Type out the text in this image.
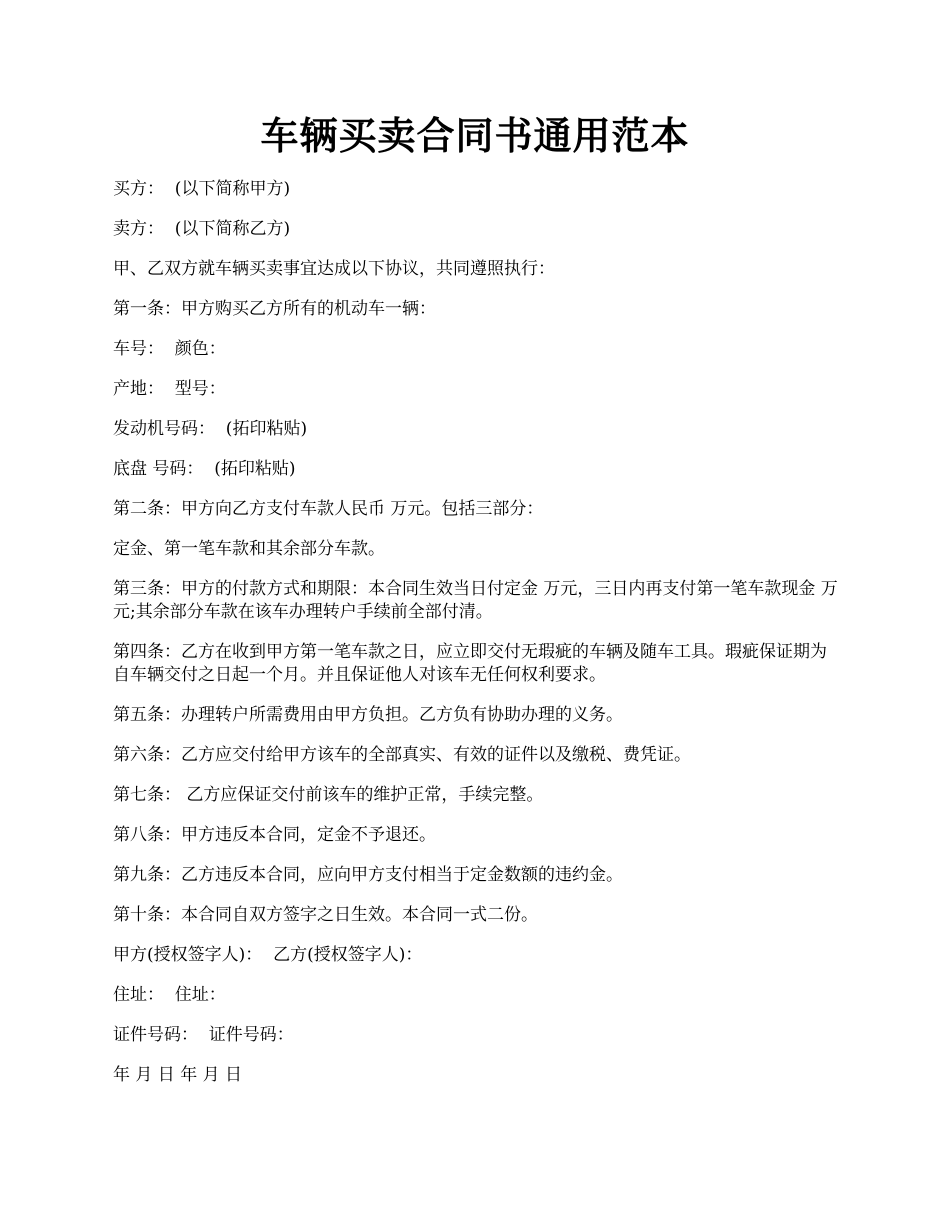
车辆买卖合同书通用范本

买方：  (以下简称甲方)

卖方：  (以下简称乙方)

甲、乙双方就车辆买卖事宜达成以下协议，共同遵照执行：

第一条：甲方购买乙方所有的机动车一辆：

车号：  颜色：

产地：  型号：

发动机号码：  (拓印粘贴)

底盘 号码：  (拓印粘贴)

第二条：甲方向乙方支付车款人民币 万元。包括三部分：

定金、第一笔车款和其余部分车款。

第三条：甲方的付款方式和期限：本合同生效当日付定金 万元，三日内再支付第一笔车款现金 万元;其余部分车款在该车办理转户手续前全部付清。

第四条：乙方在收到甲方第一笔车款之日，应立即交付无瑕疵的车辆及随车工具。瑕疵保证期为自车辆交付之日起一个月。并且保证他人对该车无任何权利要求。

第五条：办理转户所需费用由甲方负担。乙方负有协助办理的义务。

第六条：乙方应交付给甲方该车的全部真实、有效的证件以及缴税、费凭证。

第七条： 乙方应保证交付前该车的维护正常，手续完整。

第八条：甲方违反本合同，定金不予退还。

第九条：乙方违反本合同，应向甲方支付相当于定金数额的违约金。

第十条：本合同自双方签字之日生效。本合同一式二份。

甲方(授权签字人)：  乙方(授权签字人)：

住址：  住址：

证件号码：  证件号码：

年 月 日 年 月 日
